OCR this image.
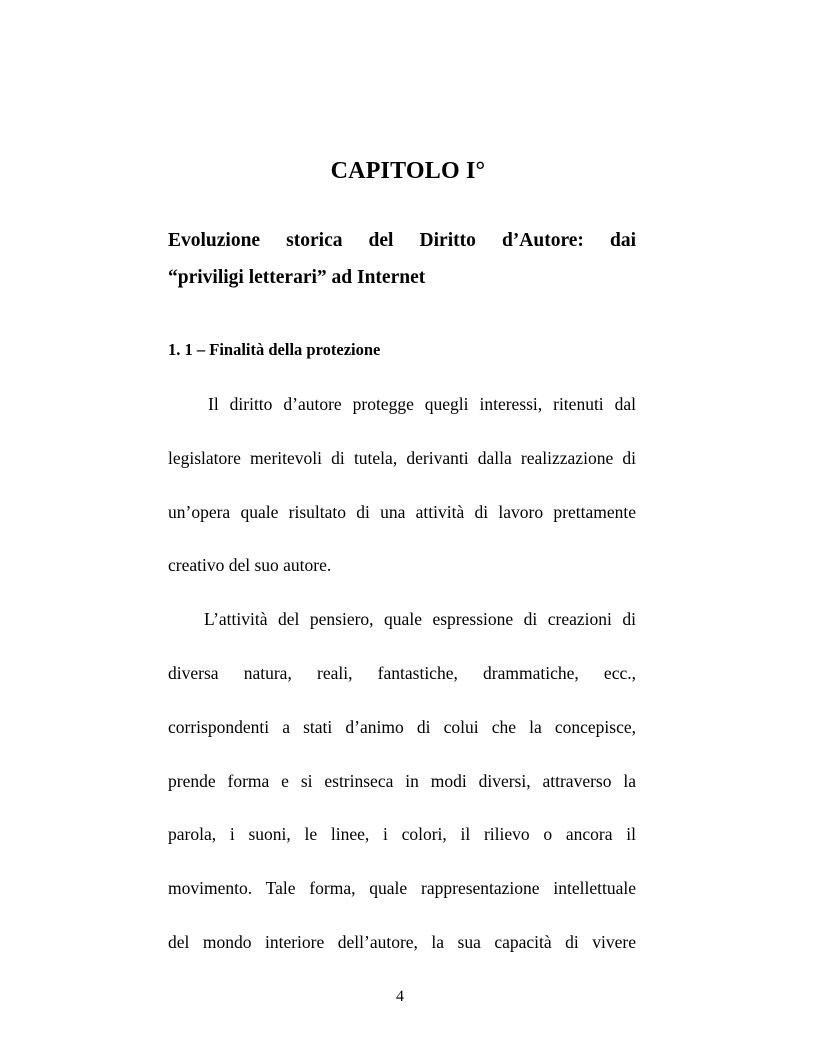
CAPITOLO I°
Evoluzione storica del Diritto d’Autore: dai
“priviligi letterari” ad Internet
1. 1 – Finalità della protezione
Il diritto d’autore protegge quegli interessi, ritenuti dal
legislatore meritevoli di tutela, derivanti dalla realizzazione di
un’opera quale risultato di una attività di lavoro prettamente
creativo del suo autore.
L’attività del pensiero, quale espressione di creazioni di
diversa natura, reali, fantastiche, drammatiche, ecc.,
corrispondenti a stati d’animo di colui che la concepisce,
prende forma e si estrinseca in modi diversi, attraverso la
parola, i suoni, le linee, i colori, il rilievo o ancora il
movimento. Tale forma, quale rappresentazione intellettuale
del mondo interiore dell’autore, la sua capacità di vivere
4
